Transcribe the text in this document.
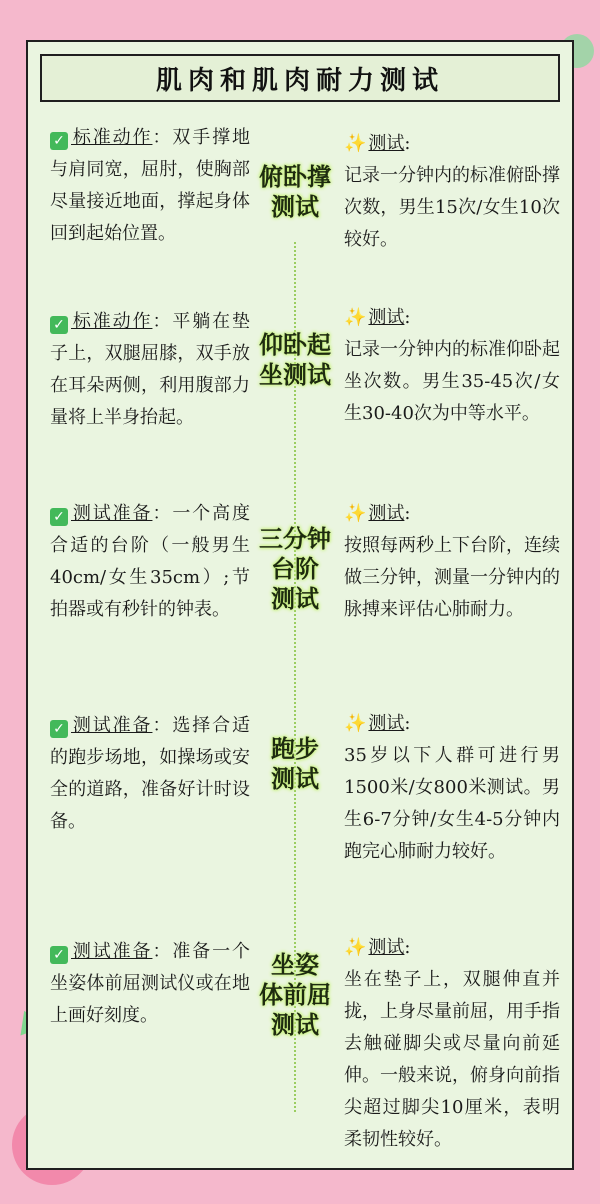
肌肉和肌肉耐力测试
✓ 标准动作：双手撑地与肩同宽，屈肘，使胸部尽量接近地面，撑起身体回到起始位置。
俯卧撑
测试
✨ 测试:
记录一分钟内的标准俯卧撑次数，男生15次/女生10次较好。
✓ 标准动作：平躺在垫子上，双腿屈膝，双手放在耳朵两侧，利用腹部力量将上半身抬起。
仰卧起
坐测试
✨ 测试:
记录一分钟内的标准仰卧起坐次数。男生35-45次/女生30-40次为中等水平。
✓ 测试准备：一个高度合适的台阶（一般男生40cm/女生35cm）;节拍器或有秒针的钟表。
三分钟
台阶
测试
✨ 测试:
按照每两秒上下台阶，连续做三分钟，测量一分钟内的脉搏来评估心肺耐力。
✓ 测试准备：选择合适的跑步场地，如操场或安全的道路，准备好计时设备。
跑步
测试
✨ 测试:
35岁以下人群可进行男1500米/女800米测试。男生6-7分钟/女生4-5分钟内跑完心肺耐力较好。
✓ 测试准备：准备一个坐姿体前屈测试仪或在地上画好刻度。
坐姿
体前屈
测试
✨ 测试:
坐在垫子上，双腿伸直并拢，上身尽量前屈，用手指去触碰脚尖或尽量向前延伸。一般来说，俯身向前指尖超过脚尖10厘米，表明柔韧性较好。
